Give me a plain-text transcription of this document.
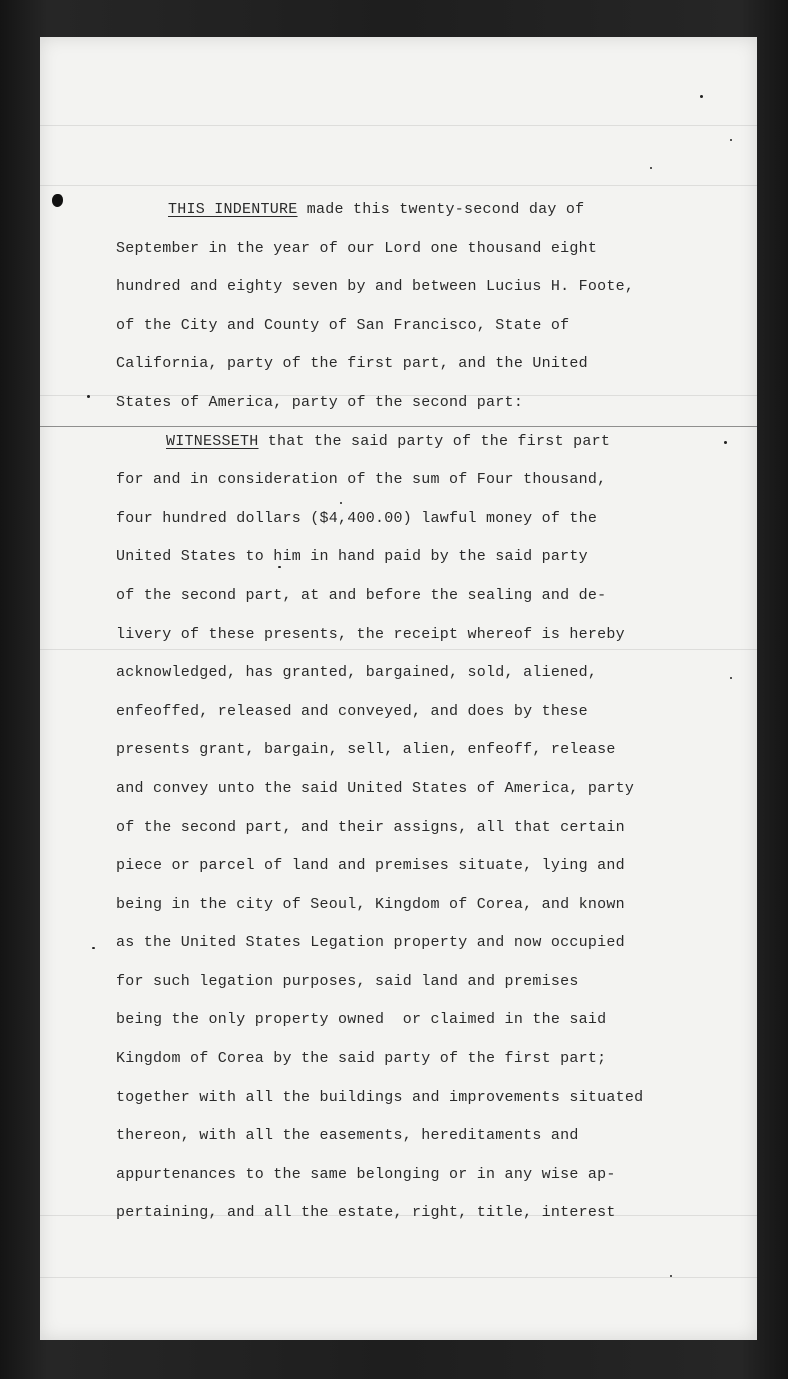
THIS INDENTURE made this twenty-second day of
September in the year of our Lord one thousand eight
hundred and eighty seven by and between Lucius H. Foote,
of the City and County of San Francisco, State of
California, party of the first part, and the United
States of America, party of the second part:
WITNESSETH that the said party of the first part
for and in consideration of the sum of Four thousand,
four hundred dollars ($4,400.00) lawful money of the
United States to him in hand paid by the said party
of the second part, at and before the sealing and de-
livery of these presents, the receipt whereof is hereby
acknowledged, has granted, bargained, sold, aliened,
enfeoffed, released and conveyed, and does by these
presents grant, bargain, sell, alien, enfeoff, release
and convey unto the said United States of America, party
of the second part, and their assigns, all that certain
piece or parcel of land and premises situate, lying and
being in the city of Seoul, Kingdom of Corea, and known
as the United States Legation property and now occupied
for such legation purposes, said land and premises
being the only property owned  or claimed in the said
Kingdom of Corea by the said party of the first part;
together with all the buildings and improvements situated
thereon, with all the easements, hereditaments and
appurtenances to the same belonging or in any wise ap-
pertaining, and all the estate, right, title, interest
